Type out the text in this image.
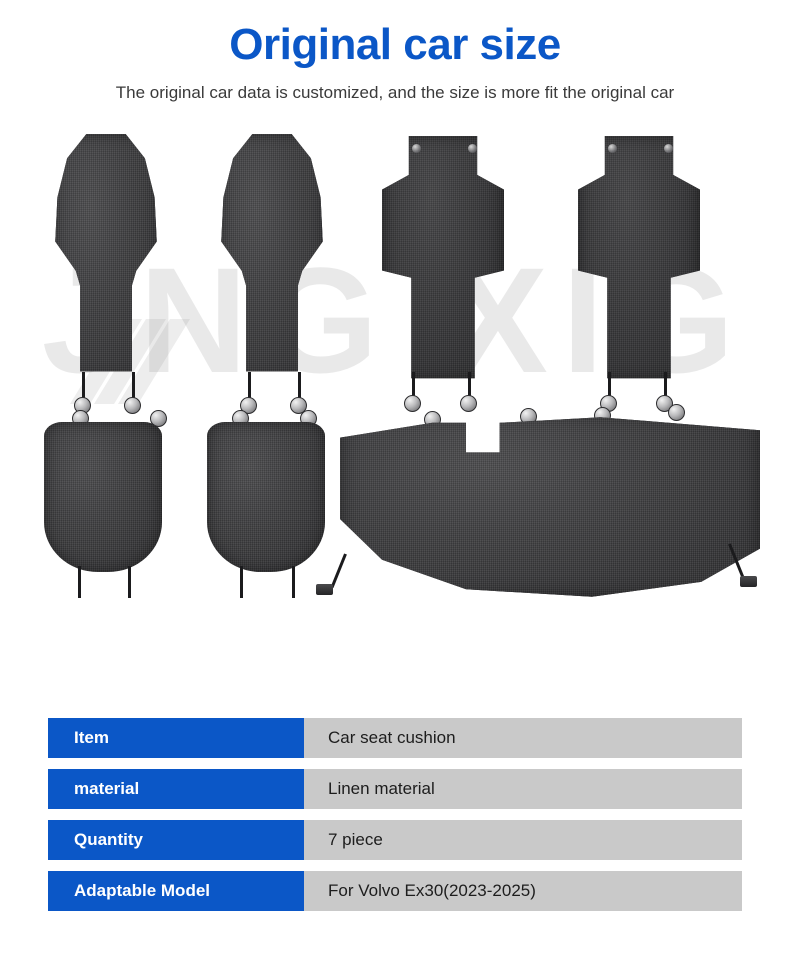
Original car size

The original car data is customized, and the size is more fit the original car

JNG XIG
Item	Car seat cushion
material	Linen material
Quantity	7 piece
Adaptable Model	For Volvo Ex30(2023-2025)
